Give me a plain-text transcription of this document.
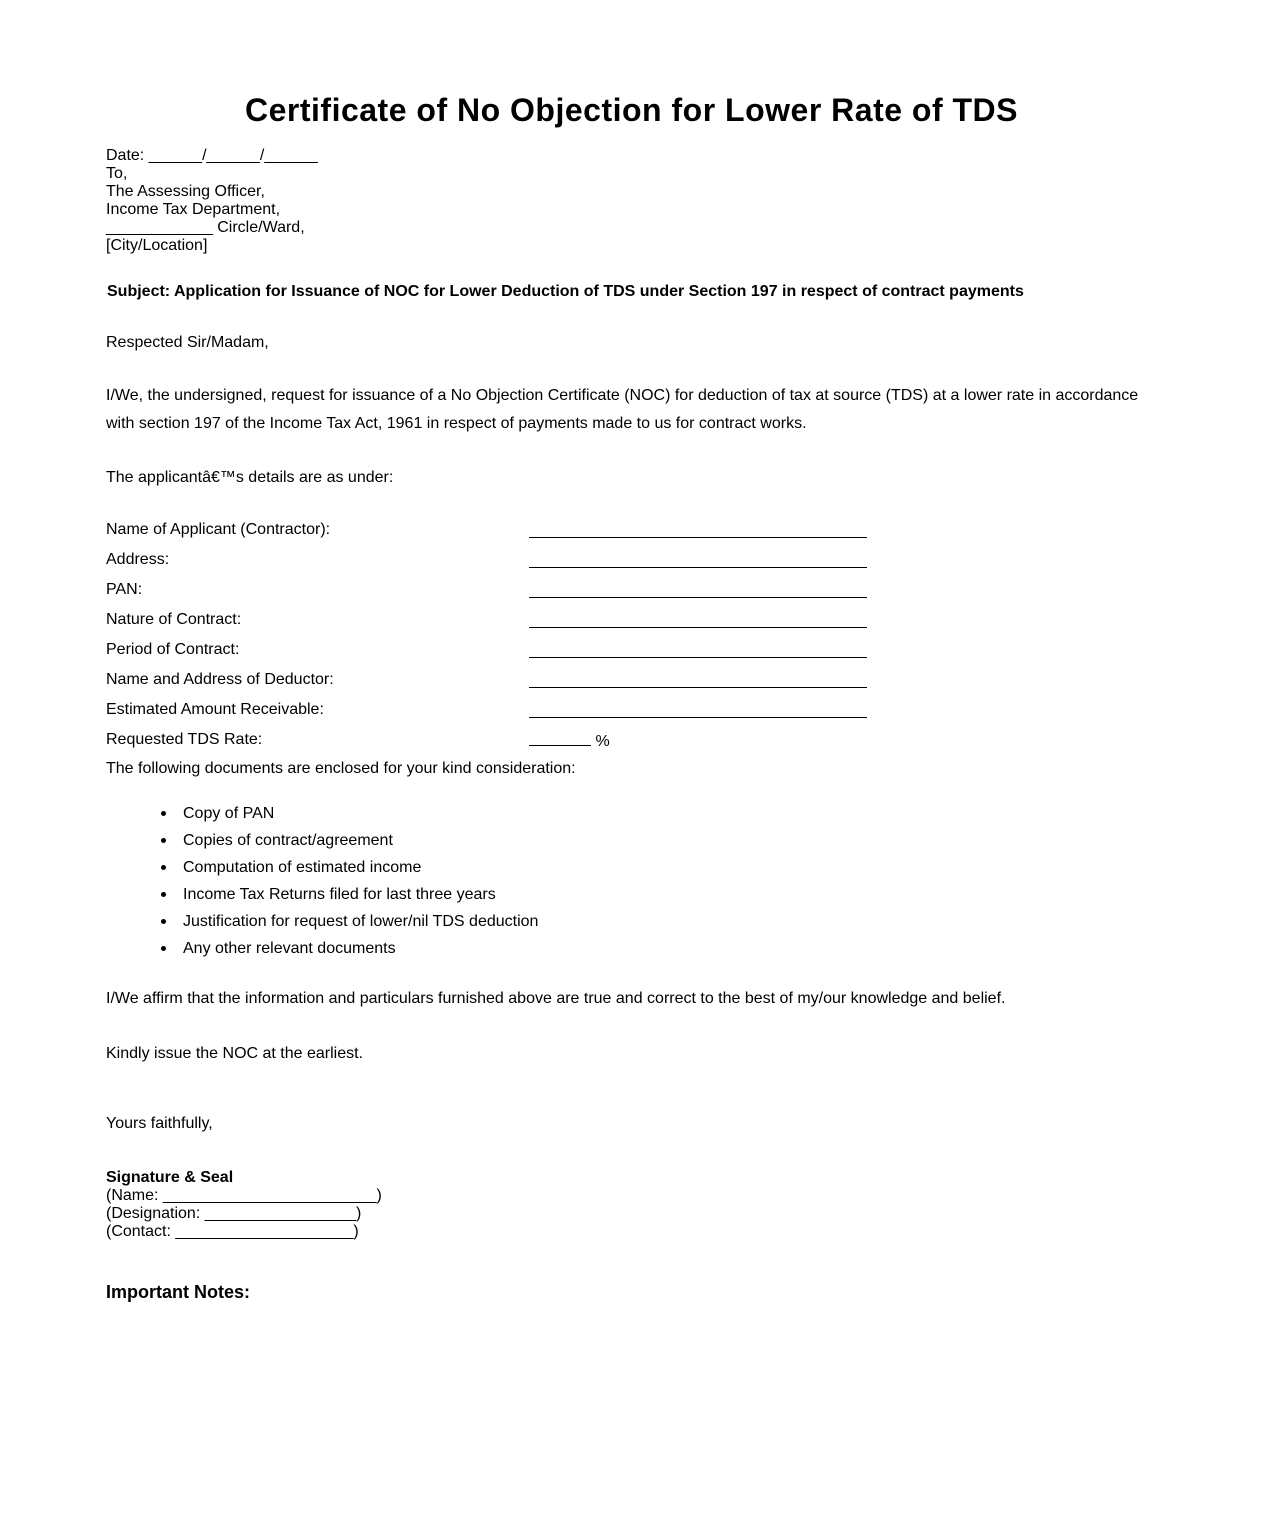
Certificate of No Objection for Lower Rate of TDS
Date: ______/______/______
To,
The Assessing Officer,
Income Tax Department,
____________ Circle/Ward,
[City/Location]
Subject: Application for Issuance of NOC for Lower Deduction of TDS under Section 197 in respect of contract payments
Respected Sir/Madam,
I/We, the undersigned, request for issuance of a No Objection Certificate (NOC) for deduction of tax at source (TDS) at a lower rate in accordance with section 197 of the Income Tax Act, 1961 in respect of payments made to us for contract works.
The applicantâ€™s details are as under:
Name of Applicant (Contractor):
Address:
PAN:
Nature of Contract:
Period of Contract:
Name and Address of Deductor:
Estimated Amount Receivable:
Requested TDS Rate:	%
The following documents are enclosed for your kind consideration:
Copy of PAN
Copies of contract/agreement
Computation of estimated income
Income Tax Returns filed for last three years
Justification for request of lower/nil TDS deduction
Any other relevant documents
I/We affirm that the information and particulars furnished above are true and correct to the best of my/our knowledge and belief.
Kindly issue the NOC at the earliest.
Yours faithfully,
Signature & Seal
(Name: ________________________)
(Designation: _________________)
(Contact: ____________________)
Important Notes:
